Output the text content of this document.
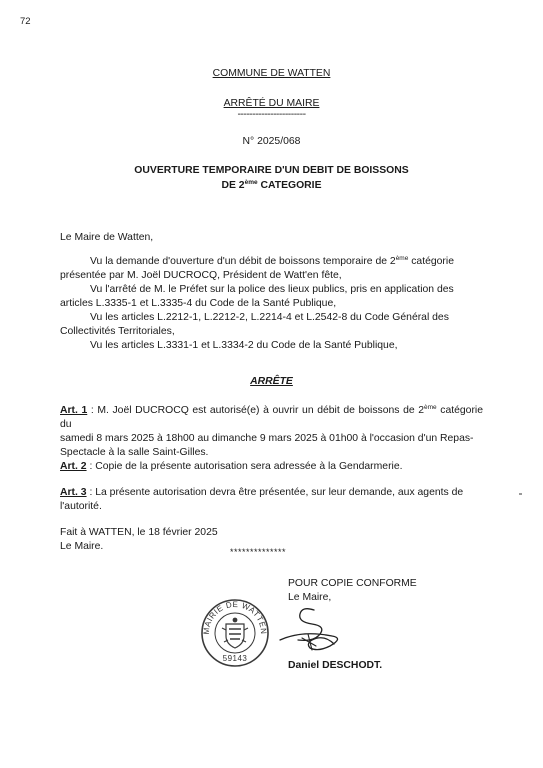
72
COMMUNE DE WATTEN
ARRÊTÉ DU MAIRE
-----------------------
N° 2025/068
OUVERTURE TEMPORAIRE D'UN DEBIT DE BOISSONS
DE 2ème CATEGORIE
Le Maire de Watten,
Vu la demande d'ouverture d'un débit de boissons temporaire de 2ème catégorie
présentée par M. Joël DUCROCQ, Président de Watt'en fête,
Vu l'arrêté de M. le Préfet sur la police des lieux publics, pris en application des
articles L.3335-1 et L.3335-4 du Code de la Santé Publique,
Vu les articles L.2212-1, L.2212-2, L.2214-4 et L.2542-8 du Code Général des
Collectivités Territoriales,
Vu les articles L.3331-1 et L.3334-2 du Code de la Santé Publique,
ARRÊTE
Art. 1 : M. Joël DUCROCQ est autorisé(e) à ouvrir un débit de boissons de 2ème catégorie du
samedi 8 mars 2025 à 18h00 au dimanche 9 mars 2025 à 01h00 à l'occasion d'un Repas-
Spectacle à la salle Saint-Gilles.
Art. 2 : Copie de la présente autorisation sera adressée à la Gendarmerie.
Art. 3 : La présente autorisation devra être présentée, sur leur demande, aux agents de
l'autorité.
Fait à WATTEN, le 18 février 2025
Le Maire.	**************
POUR COPIE CONFORME
Le Maire,
MAIRIE DE WATTEN
59143
Daniel DESCHODT.
